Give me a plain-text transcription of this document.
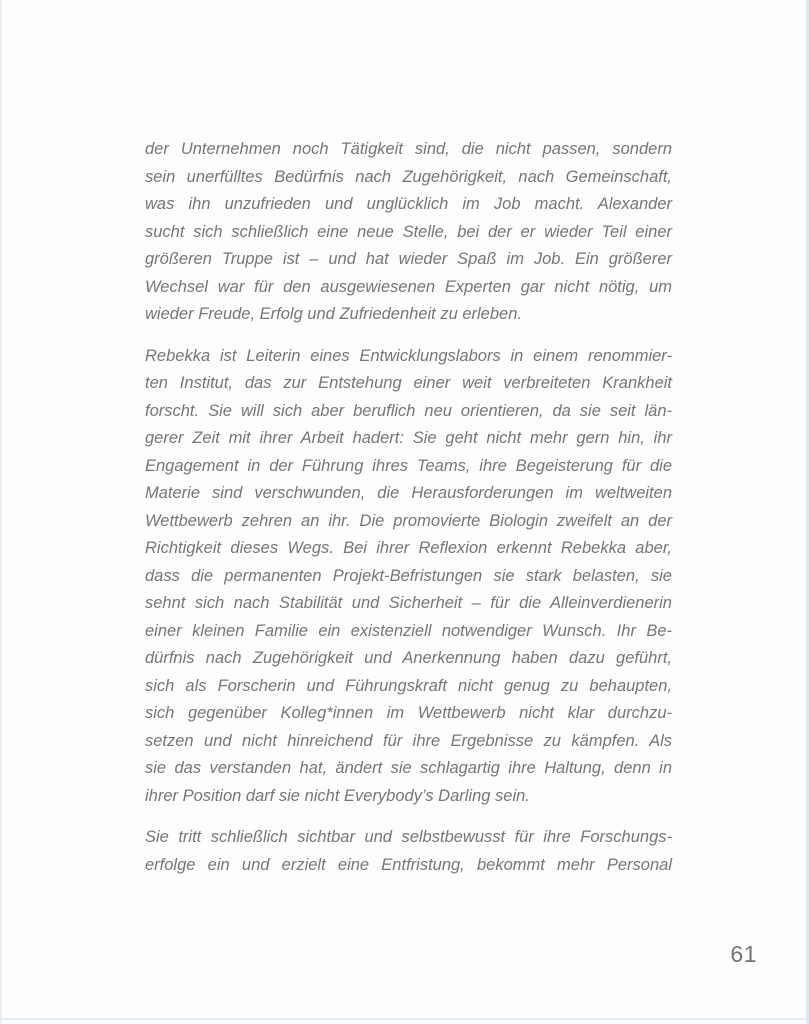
der Unternehmen noch Tätigkeit sind, die nicht passen, sondern
sein unerfülltes Bedürfnis nach Zugehörigkeit, nach Gemeinschaft,
was ihn unzufrieden und unglücklich im Job macht. Alexander
sucht sich schließlich eine neue Stelle, bei der er wieder Teil einer
größeren Truppe ist – und hat wieder Spaß im Job. Ein größerer
Wechsel war für den ausgewiesenen Experten gar nicht nötig, um
wieder Freude, Erfolg und Zufriedenheit zu erleben.

Rebekka ist Leiterin eines Entwicklungslabors in einem renommier-
ten Institut, das zur Entstehung einer weit verbreiteten Krankheit
forscht. Sie will sich aber beruflich neu orientieren, da sie seit län-
gerer Zeit mit ihrer Arbeit hadert: Sie geht nicht mehr gern hin, ihr
Engagement in der Führung ihres Teams, ihre Begeisterung für die
Materie sind verschwunden, die Herausforderungen im weltweiten
Wettbewerb zehren an ihr. Die promovierte Biologin zweifelt an der
Richtigkeit dieses Wegs. Bei ihrer Reflexion erkennt Rebekka aber,
dass die permanenten Projekt-Befristungen sie stark belasten, sie
sehnt sich nach Stabilität und Sicherheit – für die Alleinverdienerin
einer kleinen Familie ein existenziell notwendiger Wunsch. Ihr Be-
dürfnis nach Zugehörigkeit und Anerkennung haben dazu geführt,
sich als Forscherin und Führungskraft nicht genug zu behaupten,
sich gegenüber Kolleg*innen im Wettbewerb nicht klar durchzu-
setzen und nicht hinreichend für ihre Ergebnisse zu kämpfen. Als
sie das verstanden hat, ändert sie schlagartig ihre Haltung, denn in
ihrer Position darf sie nicht Everybody’s Darling sein.

Sie tritt schließlich sichtbar und selbstbewusst für ihre Forschungs-
erfolge ein und erzielt eine Entfristung, bekommt mehr Personal

61
